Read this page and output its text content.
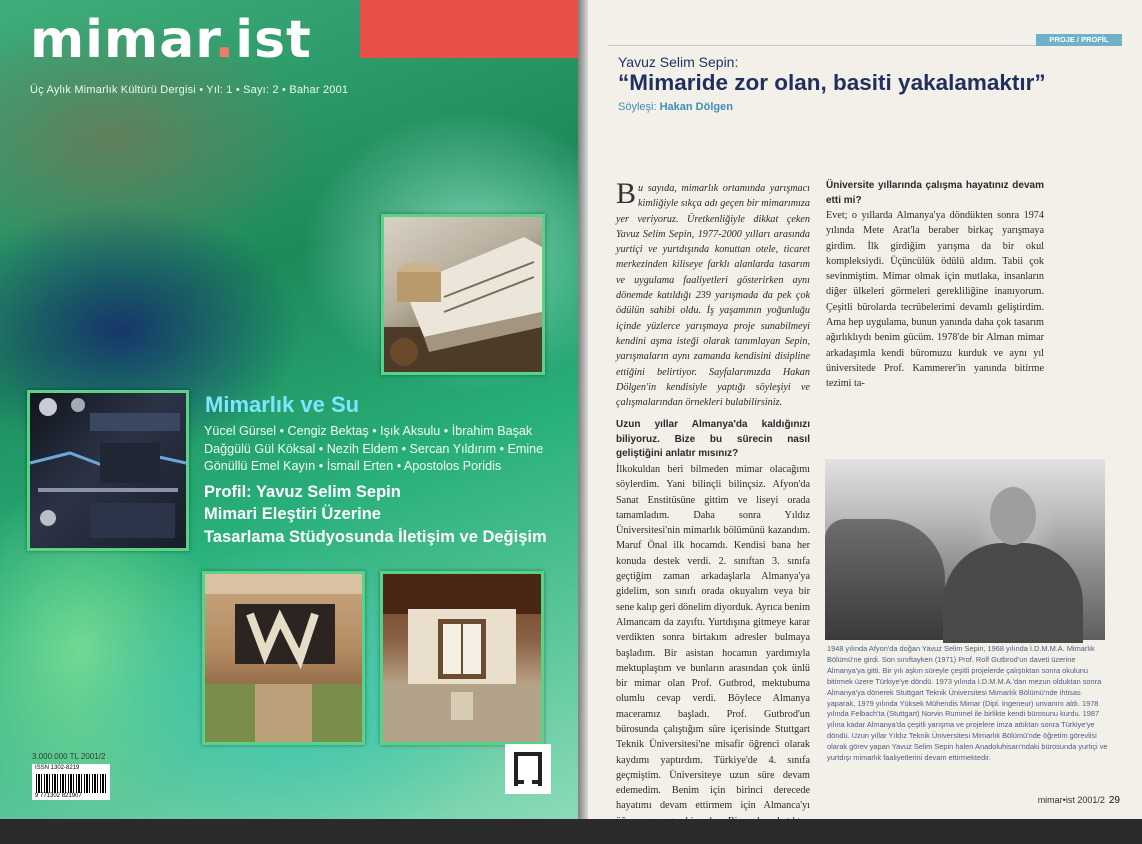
mimar.ist
Üç Aylık Mimarlık Kültürü Dergisi • Yıl: 1 • Sayı: 2 • Bahar 2001
Mimarlık ve Su
Yücel Gürsel • Cengiz Bektaş • Işık Aksulu • İbrahim Başak Dağgülü Gül Köksal • Nezih Eldem • Sercan Yıldırım • Emine Gönüllü Emel Kayın • İsmail Erten • Apostolos Poridis
Profil: Yavuz Selim Sepin
Mimari Eleştiri Üzerine
Tasarlama Stüdyosunda İletişim ve Değişim
3.000.000 TL 2001/2
ISSN 1302-8219
9 771302 821907
PROJE / PROFİL
Yavuz Selim Sepin:
“Mimaride zor olan, basiti yakalamaktır”
Söyleşi: Hakan Dölgen
Bu sayıda, mimarlık ortamında yarışmacı kimliğiyle sıkça adı geçen bir mimarımıza yer veriyoruz. Üretkenliğiyle dikkat çeken Yavuz Selim Sepin, 1977-2000 yılları arasında yurtiçi ve yurtdışında konuttan otele, ticaret merkezinden kiliseye farklı alanlarda tasarım ve uygulama faaliyetleri gösterirken aynı dönemde katıldığı 239 yarışmada da pek çok ödülün sahibi oldu. İş yaşamının yoğunluğu içinde yüzlerce yarışmaya proje sunabilmeyi kendini aşma isteği olarak tanımlayan Sepin, yarışmaların aynı zamanda kendisini disipline ettiğini belirtiyor. Sayfalarımızda Hakan Dölgen'in kendisiyle yaptığı söyleşiyi ve çalışmalarından örnekleri bulabilirsiniz.
Uzun yıllar Almanya'da kaldığınızı biliyoruz. Bize bu sürecin nasıl geliştiğini anlatır mısınız?
İlkokuldan beri bilmeden mimar olacağımı söylerdim. Yani bilinçli bilinçsiz. Afyon'da Sanat Enstitüsüne gittim ve liseyi orada tamamladım. Daha sonra Yıldız Üniversitesi'nin mimarlık bölümünü kazandım. Maruf Önal ilk hocamdı. Kendisi bana her konuda destek verdi. 2. sınıftan 3. sınıfa geçtiğim zaman arkadaşlarla Almanya'ya gidelim, son sınıfı orada okuyalım veya bir sene kalıp geri dönelim diyorduk. Ayrıca benim Almancam da zayıftı. Yurtdışına gitmeye karar verdikten sonra birtakım adresler bulmaya başladım. Bir asistan hocamın yardımıyla mektuplaştım ve bunların arasından çok ünlü bir mimar olan Prof. Gutbrod, mektubuma olumlu cevap verdi. Böylece Almanya maceramız başladı. Prof. Gutbrod'un bürosunda çalıştığım süre içerisinde Stuttgart Teknik Üniversitesi'ne misafir öğrenci olarak kaydımı yaptırdım. Türkiye'de 4. sınıfa geçmiştim. Üniversiteye uzun süre devam edemedim. Benim için birinci derecede hayatımı devam ettirmem için Almanca'yı öğrenmem gerekiyordu. Bir yıl çalıştıktan sonra geri dönüp buradaki okulumu bitirdim.
Üniversite yıllarında çalışma hayatınız devam etti mi?
Evet; o yıllarda Almanya'ya döndükten sonra 1974 yılında Mete Arat'la beraber birkaç yarışmaya girdim. İlk girdiğim yarışma da bir okul kompleksiydi. Üçüncülük ödülü aldım. Tabii çok sevinmiştim. Mimar olmak için mutlaka, insanların diğer ülkeleri görmeleri gerekliliğine inanıyorum. Çeşitli bürolarda tecrübelerimi devamlı geliştirdim. Ama hep uygulama, bunun yanında daha çok tasarım ağırlıklıydı benim gücüm. 1978'de bir Alman mimar arkadaşımla kendi büromuzu kurduk ve aynı yıl üniversitede Prof. Kammerer'in yanında bitirme tezimi ta-
1948 yılında Afyon'da doğan Yavuz Selim Sepin, 1968 yılında İ.D.M.M.A. Mimarlık Bölümü'ne girdi. Son sınıftayken (1971) Prof. Rolf Gutbrod'un daveti üzerine Almanya'ya gitti. Bir yılı aşkın süreyle çeşitli projelerde çalıştıktan sonra okulunu bitirmek üzere Türkiye'ye döndü. 1973 yılında İ.D.M.M.A.'dan mezun olduktan sonra Almanya'ya dönerek Stuttgart Teknik Üniversitesi Mimarlık Bölümü'nde ihtisas yaparak, 1979 yılında Yüksek Mühendis Mimar (Dipl. Ingeneur) unvanını aldı. 1978 yılında Felbach'ta (Stuttgart) Norvin Rummel ile birlikte kendi bürosunu kurdu. 1987 yılına kadar Almanya'da çeşitli yarışma ve projelere imza attıktan sonra Türkiye'ye döndü. Uzun yıllar Yıldız Teknik Üniversitesi Mimarlık Bölümü'nde öğretim görevlisi olarak görev yapan Yavuz Selim Sepin halen Anadoluhisarı'ndaki bürosunda yurtiçi ve yurtdışı mimarlık faaliyetlerini devam ettirmektedir.
mimar•ist 2001/2 29
